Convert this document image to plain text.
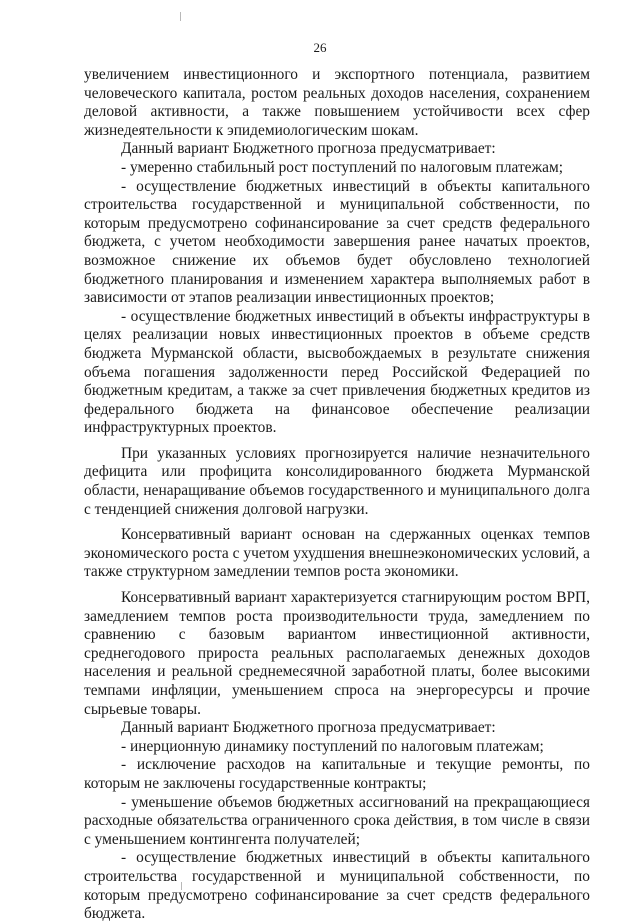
26

увеличением инвестиционного и экспортного потенциала, развитием человеческого капитала, ростом реальных доходов населения, сохранением деловой активности, а также повышением устойчивости всех сфер жизнедеятельности к эпидемиологическим шокам.

Данный вариант Бюджетного прогноза предусматривает:

- умеренно стабильный рост поступлений по налоговым платежам;

- осуществление бюджетных инвестиций в объекты капитального строительства государственной и муниципальной собственности, по которым предусмотрено софинансирование за счет средств федерального бюджета, с учетом необходимости завершения ранее начатых проектов, возможное снижение их объемов будет обусловлено технологией бюджетного планирования и изменением характера выполняемых работ в зависимости от этапов реализации инвестиционных проектов;

- осуществление бюджетных инвестиций в объекты инфраструктуры в целях реализации новых инвестиционных проектов в объеме средств бюджета Мурманской области, высвобождаемых в результате снижения объема погашения задолженности перед Российской Федерацией по бюджетным кредитам, а также за счет привлечения бюджетных кредитов из федерального бюджета на финансовое обеспечение реализации инфраструктурных проектов.

При указанных условиях прогнозируется наличие незначительного дефицита или профицита консолидированного бюджета Мурманской области, ненаращивание объемов государственного и муниципального долга с тенденцией снижения долговой нагрузки.

Консервативный вариант основан на сдержанных оценках темпов экономического роста с учетом ухудшения внешнеэкономических условий, а также структурном замедлении темпов роста экономики.

Консервативный вариант характеризуется стагнирующим ростом ВРП, замедлением темпов роста производительности труда, замедлением по сравнению с базовым вариантом инвестиционной активности, среднегодового прироста реальных располагаемых денежных доходов населения и реальной среднемесячной заработной платы, более высокими темпами инфляции, уменьшением спроса на энергоресурсы и прочие сырьевые товары.

Данный вариант Бюджетного прогноза предусматривает:

- инерционную динамику поступлений по налоговым платежам;

- исключение расходов на капитальные и текущие ремонты, по которым не заключены государственные контракты;

- уменьшение объемов бюджетных ассигнований на прекращающиеся расходные обязательства ограниченного срока действия, в том числе в связи с уменьшением контингента получателей;

- осуществление бюджетных инвестиций в объекты капитального строительства государственной и муниципальной собственности, по которым предусмотрено софинансирование за счет средств федерального бюджета.
